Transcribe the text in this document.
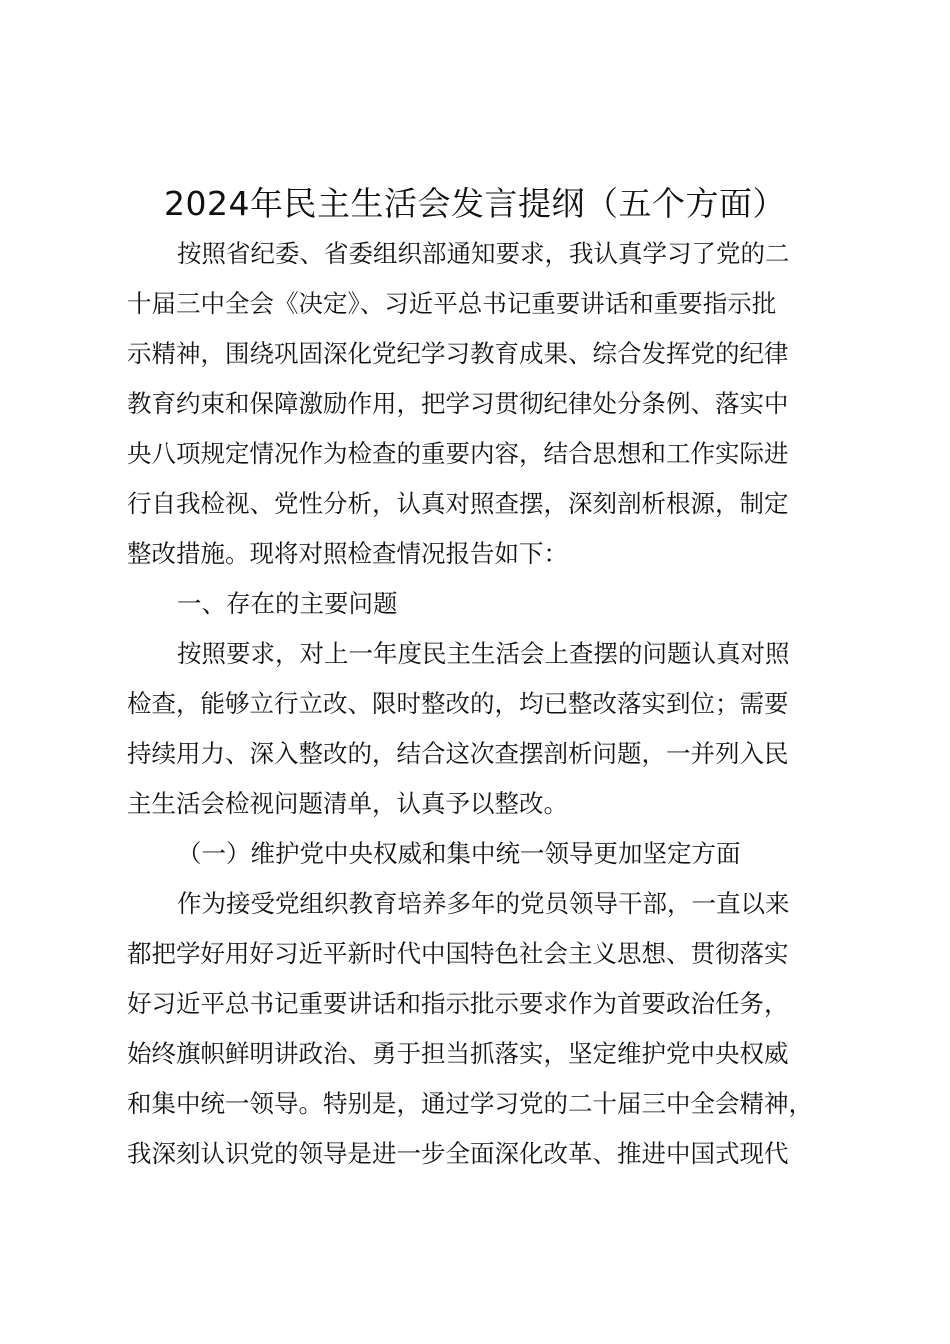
2024年民主生活会发言提纲（五个方面）
按照省纪委、省委组织部通知要求，我认真学习了党的二
十届三中全会《决定》、习近平总书记重要讲话和重要指示批
示精神，围绕巩固深化党纪学习教育成果、综合发挥党的纪律
教育约束和保障激励作用，把学习贯彻纪律处分条例、落实中
央八项规定情况作为检查的重要内容，结合思想和工作实际进
行自我检视、党性分析，认真对照查摆，深刻剖析根源，制定
整改措施。现将对照检查情况报告如下：
一、存在的主要问题
按照要求，对上一年度民主生活会上查摆的问题认真对照
检查，能够立行立改、限时整改的，均已整改落实到位；需要
持续用力、深入整改的，结合这次查摆剖析问题，一并列入民
主生活会检视问题清单，认真予以整改。
（一）维护党中央权威和集中统一领导更加坚定方面
作为接受党组织教育培养多年的党员领导干部，一直以来
都把学好用好习近平新时代中国特色社会主义思想、贯彻落实
好习近平总书记重要讲话和指示批示要求作为首要政治任务，
始终旗帜鲜明讲政治、勇于担当抓落实，坚定维护党中央权威
和集中统一领导。特别是，通过学习党的二十届三中全会精神，
我深刻认识党的领导是进一步全面深化改革、推进中国式现代
